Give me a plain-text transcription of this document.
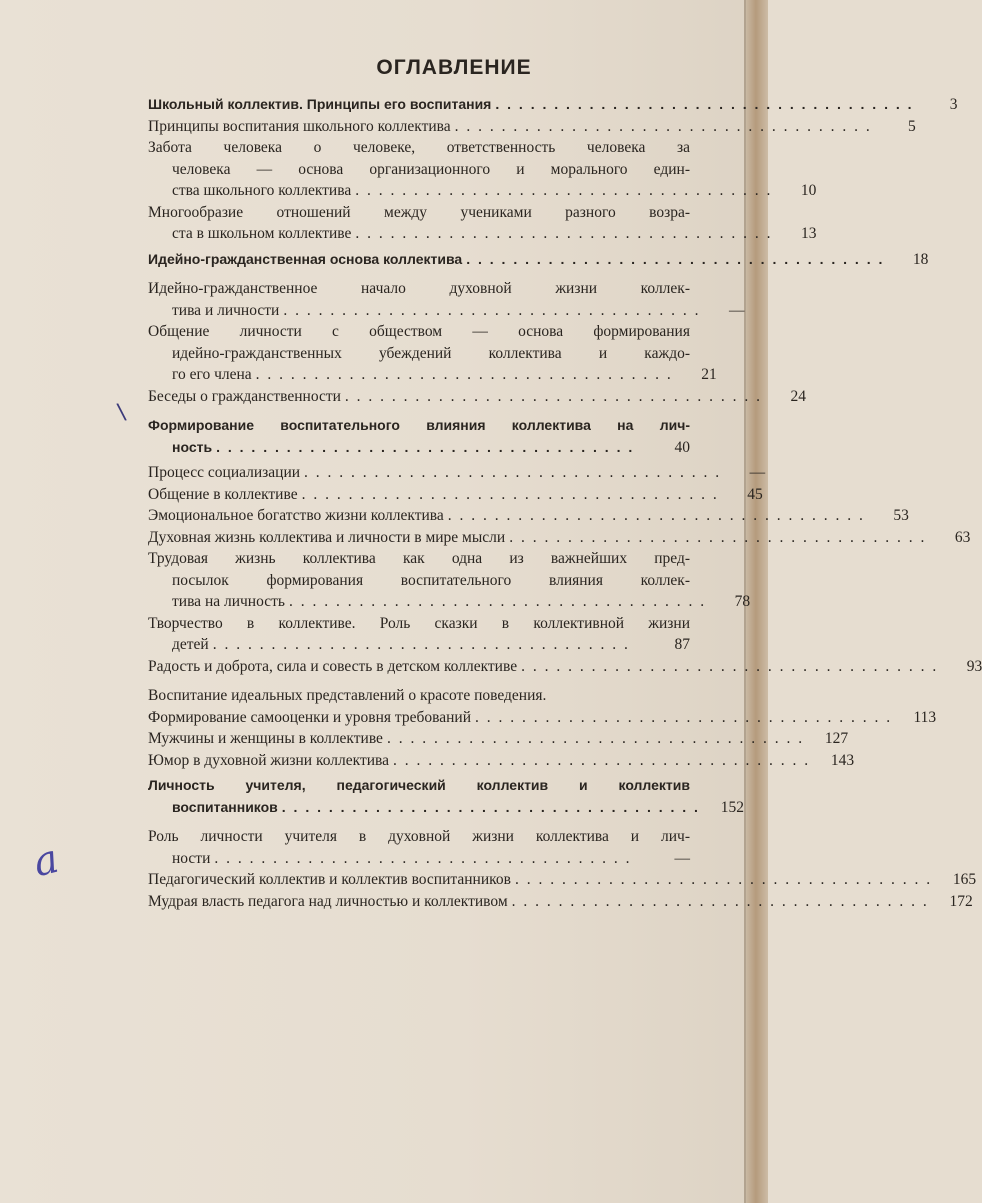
ОГЛАВЛЕНИЕ
Школьный коллектив. Принципы его воспитания . . . . . . . . . . . . . . . . . . . . . . . . . . . . . . . . . . . .	3
Принципы воспитания школьного коллектива . . . . . . . . . . . . . . . . . . . . . . . . . . . . . . . . . . . .	5
Забота человека о человеке, ответственность человека за
человека — основа организационного и морального един-
ства школьного коллектива . . . . . . . . . . . . . . . . . . . . . . . . . . . . . . . . . . . .	10
Многообразие отношений между учениками разного возра-
ста в школьном коллективе . . . . . . . . . . . . . . . . . . . . . . . . . . . . . . . . . . . .	13
Идейно-гражданственная основа коллектива . . . . . . . . . . . . . . . . . . . . . . . . . . . . . . . . . . . .	18
Идейно-гражданственное начало духовной жизни коллек-
тива и личности . . . . . . . . . . . . . . . . . . . . . . . . . . . . . . . . . . . .	—
Общение личности с обществом — основа формирования
идейно-гражданственных убеждений коллектива и каждо-
го его члена . . . . . . . . . . . . . . . . . . . . . . . . . . . . . . . . . . . .	21
Беседы о гражданственности . . . . . . . . . . . . . . . . . . . . . . . . . . . . . . . . . . . .	24
Формирование воспитательного влияния коллектива на лич-
ность . . . . . . . . . . . . . . . . . . . . . . . . . . . . . . . . . . . .	40
Процесс социализации . . . . . . . . . . . . . . . . . . . . . . . . . . . . . . . . . . . .	—
Общение в коллективе . . . . . . . . . . . . . . . . . . . . . . . . . . . . . . . . . . . .	45
Эмоциональное богатство жизни коллектива . . . . . . . . . . . . . . . . . . . . . . . . . . . . . . . . . . . .	53
Духовная жизнь коллектива и личности в мире мысли . . . . . . . . . . . . . . . . . . . . . . . . . . . . . . . . . . . .	63
Трудовая жизнь коллектива как одна из важнейших пред-
посылок формирования воспитательного влияния коллек-
тива на личность . . . . . . . . . . . . . . . . . . . . . . . . . . . . . . . . . . . .	78
Творчество в коллективе. Роль сказки в коллективной жизни
детей . . . . . . . . . . . . . . . . . . . . . . . . . . . . . . . . . . . .	87
Радость и доброта, сила и совесть в детском коллективе . . . . . . . . . . . . . . . . . . . . . . . . . . . . . . . . . . . .	93
Воспитание идеальных представлений о красоте поведения.
Формирование самооценки и уровня требований . . . . . . . . . . . . . . . . . . . . . . . . . . . . . . . . . . . .	113
Мужчины и женщины в коллективе . . . . . . . . . . . . . . . . . . . . . . . . . . . . . . . . . . . .	127
Юмор в духовной жизни коллектива . . . . . . . . . . . . . . . . . . . . . . . . . . . . . . . . . . . .	143
Личность учителя, педагогический коллектив и коллектив
воспитанников . . . . . . . . . . . . . . . . . . . . . . . . . . . . . . . . . . . .	152
Роль личности учителя в духовной жизни коллектива и лич-
ности . . . . . . . . . . . . . . . . . . . . . . . . . . . . . . . . . . . .	—
Педагогический коллектив и коллектив воспитанников . . . . . . . . . . . . . . . . . . . . . . . . . . . . . . . . . . . .	165
Мудрая власть педагога над личностью и коллективом . . . . . . . . . . . . . . . . . . . . . . . . . . . . . . . . . . . .	172
\
а
